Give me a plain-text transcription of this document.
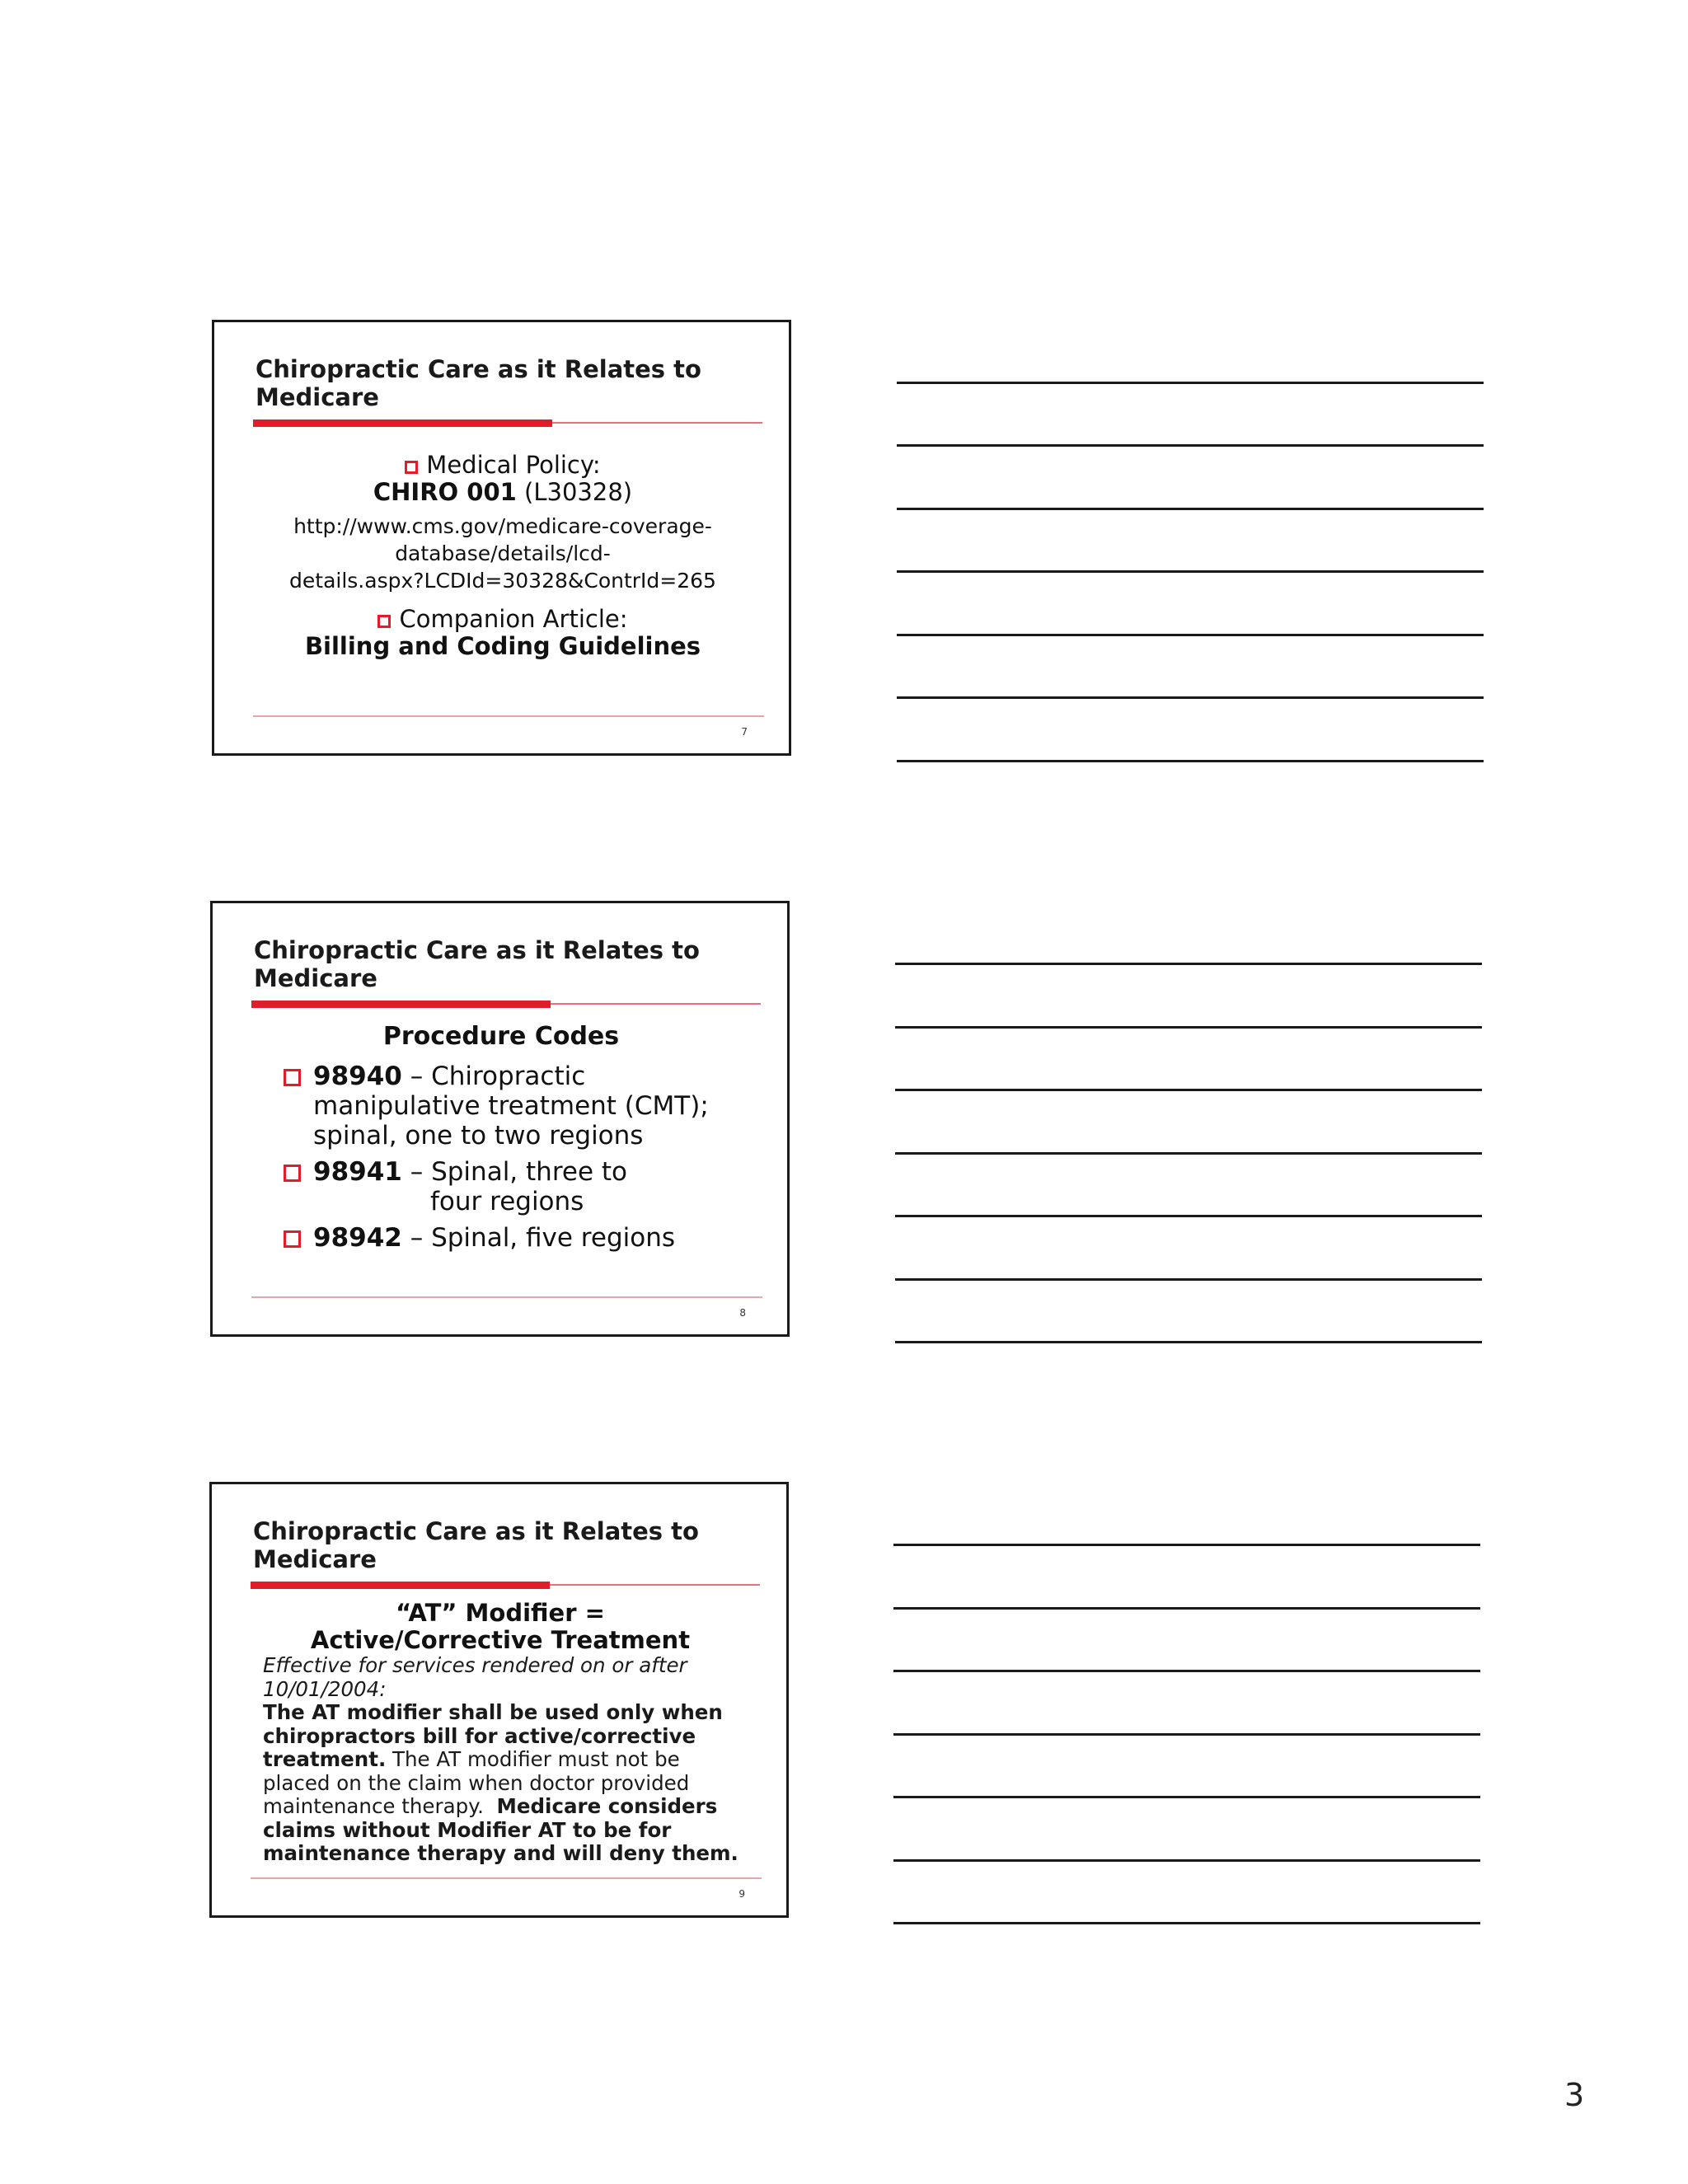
Chiropractic Care as it Relates to Medicare
Medical Policy:
CHIRO 001 (L30328)
http://www.cms.gov/medicare-coverage-
database/details/lcd-
details.aspx?LCDId=30328&ContrId=265
Companion Article:
Billing and Coding Guidelines
7
Chiropractic Care as it Relates to Medicare
Procedure Codes
98940 – Chiropractic
manipulative treatment (CMT);
spinal, one to two regions
98941 – Spinal, three to
four regions
98942 – Spinal, five regions
8
Chiropractic Care as it Relates to Medicare
“AT” Modifier =
Active/Corrective Treatment
Effective for services rendered on or after 10/01/2004:
The AT modifier shall be used only when chiropractors bill for active/corrective treatment. The AT modifier must not be placed on the claim when doctor provided maintenance therapy. Medicare considers claims without Modifier AT to be for maintenance therapy and will deny them.
9
3
